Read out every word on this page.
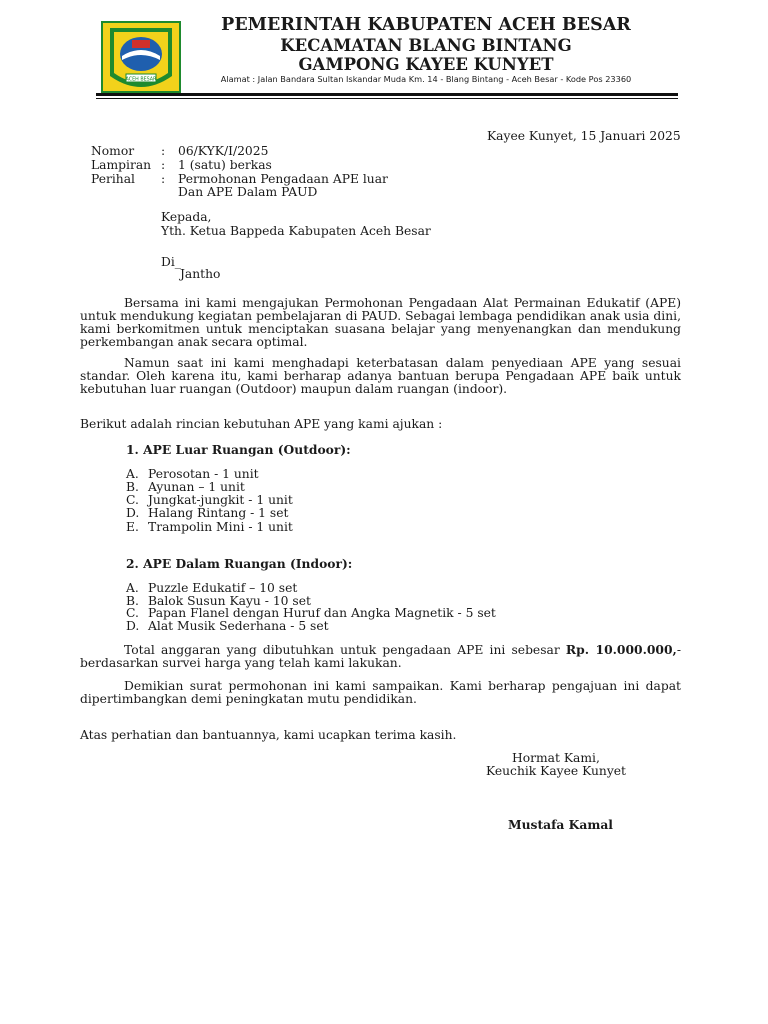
ACEH BESAR
PEMERINTAH KABUPATEN ACEH BESAR
KECAMATAN BLANG BINTANG
GAMPONG KAYEE KUNYET
Alamat : Jalan Bandara Sultan Iskandar Muda Km. 14 - Blang Bintang - Aceh Besar - Kode Pos 23360
Kayee Kunyet, 15 Januari 2025
Nomor : 06/KYK/I/2025
Lampiran : 1 (satu) berkas
Perihal : Permohonan Pengadaan APE luar
Dan APE Dalam PAUD
Kepada,
Yth. Ketua Bappeda Kabupaten Aceh Besar
Di_
Jantho
Bersama ini kami mengajukan Permohonan Pengadaan Alat Permainan Edukatif (APE)
untuk mendukung kegiatan pembelajaran di PAUD. Sebagai lembaga pendidikan anak usia dini,
kami berkomitmen untuk menciptakan suasana belajar yang menyenangkan dan mendukung
perkembangan anak secara optimal.
Namun saat ini kami menghadapi keterbatasan dalam penyediaan APE yang sesuai
standar. Oleh karena itu, kami berharap adanya bantuan berupa Pengadaan APE baik untuk
kebutuhan luar ruangan (Outdoor) maupun dalam ruangan (indoor).
Berikut adalah rincian kebutuhan APE yang kami ajukan :
1. APE Luar Ruangan (Outdoor):
A. Perosotan - 1 unit
B. Ayunan – 1 unit
C. Jungkat-jungkit - 1 unit
D. Halang Rintang - 1 set
E. Trampolin Mini - 1 unit
2. APE Dalam Ruangan (Indoor):
A. Puzzle Edukatif – 10 set
B. Balok Susun Kayu - 10 set
C. Papan Flanel dengan Huruf dan Angka Magnetik - 5 set
D. Alat Musik Sederhana - 5 set
Total anggaran yang dibutuhkan untuk pengadaan APE ini sebesar Rp. 10.000.000,-
berdasarkan survei harga yang telah kami lakukan.
Demikian surat permohonan ini kami sampaikan. Kami berharap pengajuan ini dapat
dipertimbangkan demi peningkatan mutu pendidikan.
Atas perhatian dan bantuannya, kami ucapkan terima kasih.
Hormat Kami,
Keuchik Kayee Kunyet
Mustafa Kamal
